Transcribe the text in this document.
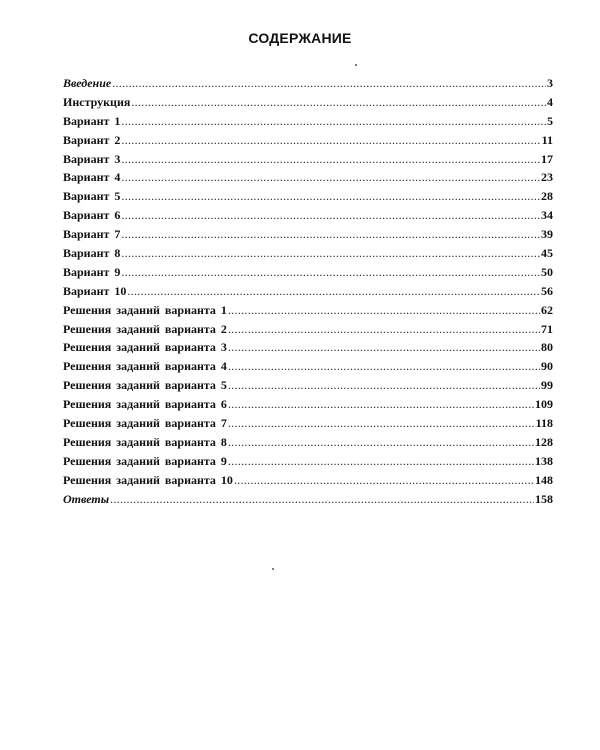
СОДЕРЖАНИЕ
Введение .....	3
Инструкция .....	4
Вариант 1 .....	5
Вариант 2 .....	11
Вариант 3 .....	17
Вариант 4 .....	23
Вариант 5 .....	28
Вариант 6 .....	34
Вариант 7 .....	39
Вариант 8 .....	45
Вариант 9 .....	50
Вариант 10 .....	56
Решения заданий варианта 1 .....	62
Решения заданий варианта 2 .....	71
Решения заданий варианта 3 .....	80
Решения заданий варианта 4 .....	90
Решения заданий варианта 5 .....	99
Решения заданий варианта 6 .....	109
Решения заданий варианта 7 .....	118
Решения заданий варианта 8 .....	128
Решения заданий варианта 9 .....	138
Решения заданий варианта 10 .....	148
Ответы .....	158
